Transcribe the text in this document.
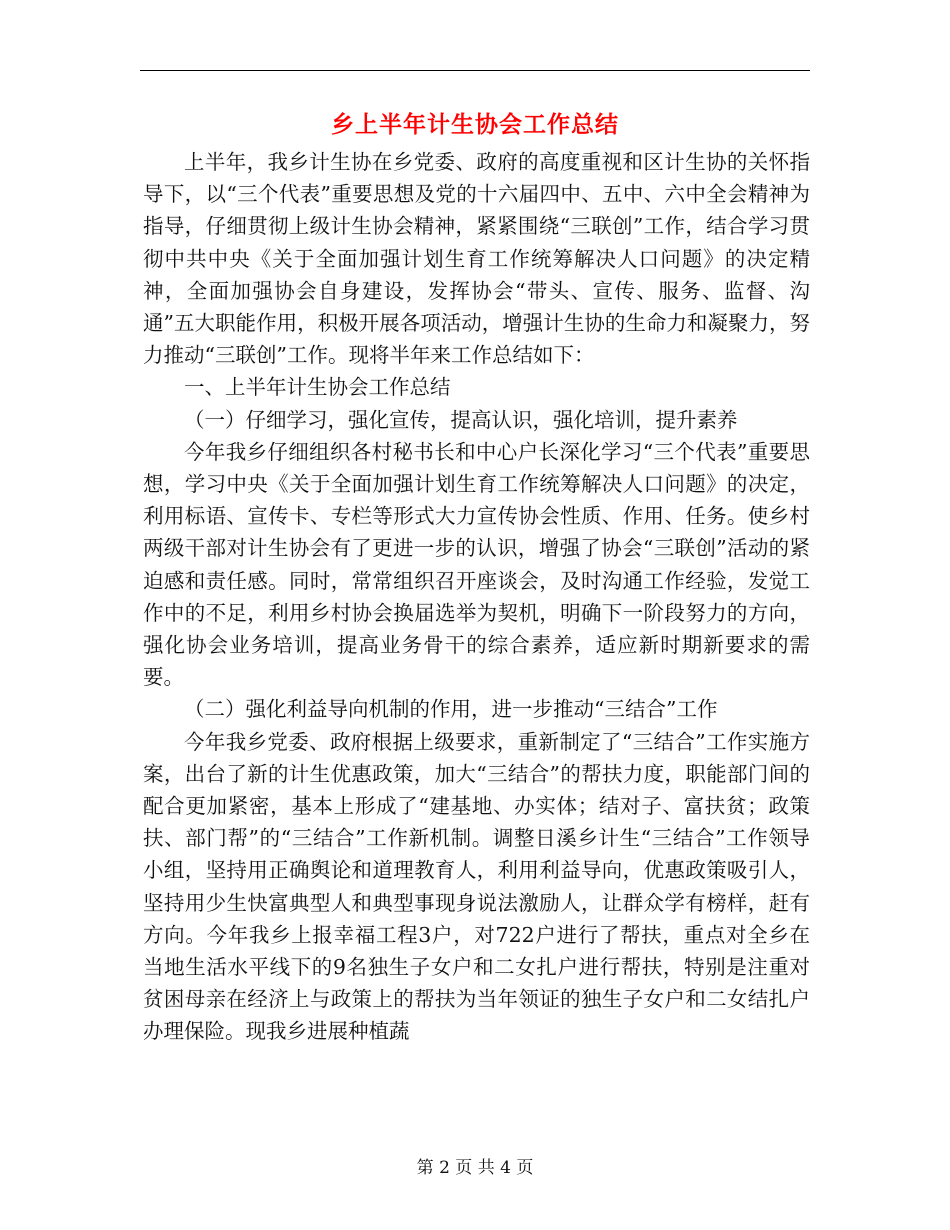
乡上半年计生协会工作总结

上半年，我乡计生协在乡党委、政府的高度重视和区计生协的关怀指导下，以“三个代表”重要思想及党的十六届四中、五中、六中全会精神为指导，仔细贯彻上级计生协会精神，紧紧围绕“三联创”工作，结合学习贯彻中共中央《关于全面加强计划生育工作统筹解决人口问题》的决定精神，全面加强协会自身建设，发挥协会“带头、宣传、服务、监督、沟通”五大职能作用，积极开展各项活动，增强计生协的生命力和凝聚力，努力推动“三联创”工作。现将半年来工作总结如下：

一、上半年计生协会工作总结

（一）仔细学习，强化宣传，提高认识，强化培训，提升素养

今年我乡仔细组织各村秘书长和中心户长深化学习“三个代表”重要思想，学习中央《关于全面加强计划生育工作统筹解决人口问题》的决定，利用标语、宣传卡、专栏等形式大力宣传协会性质、作用、任务。使乡村两级干部对计生协会有了更进一步的认识，增强了协会“三联创”活动的紧迫感和责任感。同时，常常组织召开座谈会，及时沟通工作经验，发觉工作中的不足，利用乡村协会换届选举为契机，明确下一阶段努力的方向，强化协会业务培训，提高业务骨干的综合素养，适应新时期新要求的需要。

（二）强化利益导向机制的作用，进一步推动“三结合”工作

今年我乡党委、政府根据上级要求，重新制定了“三结合”工作实施方案，出台了新的计生优惠政策，加大“三结合”的帮扶力度，职能部门间的配合更加紧密，基本上形成了“建基地、办实体；结对子、富扶贫；政策扶、部门帮”的“三结合”工作新机制。调整日溪乡计生“三结合”工作领导小组，坚持用正确舆论和道理教育人，利用利益导向，优惠政策吸引人，坚持用少生快富典型人和典型事现身说法激励人，让群众学有榜样，赶有方向。今年我乡上报幸福工程3户，对722户进行了帮扶，重点对全乡在当地生活水平线下的9名独生子女户和二女扎户进行帮扶，特别是注重对贫困母亲在经济上与政策上的帮扶为当年领证的独生子女户和二女结扎户办理保险。现我乡进展种植蔬

第 2 页 共 4 页
